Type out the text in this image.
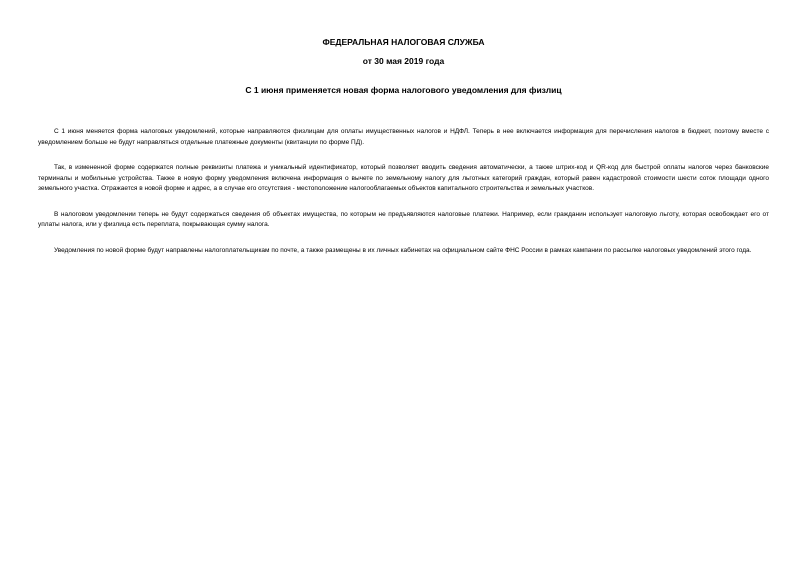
ФЕДЕРАЛЬНАЯ НАЛОГОВАЯ СЛУЖБА
от 30 мая 2019 года
С 1 июня применяется новая форма налогового уведомления для физлиц

С 1 июня меняется форма налоговых уведомлений, которые направляются физлицам для оплаты имущественных налогов и НДФЛ. Теперь в нее включается информация для перечисления налогов в бюджет, поэтому вместе с уведомлением больше не будут направляться отдельные платежные документы (квитанции по форме ПД).

Так, в измененной форме содержатся полные реквизиты платежа и уникальный идентификатор, который позволяет вводить сведения автоматически, а также штрих-код и QR-код для быстрой оплаты налогов через банковские терминалы и мобильные устройства. Также в новую форму уведомления включена информация о вычете по земельному налогу для льготных категорий граждан, который равен кадастровой стоимости шести соток площади одного земельного участка. Отражается в новой форме и адрес, а в случае его отсутствия - местоположение налогооблагаемых объектов капитального строительства и земельных участков.

В налоговом уведомлении теперь не будут содержаться сведения об объектах имущества, по которым не предъявляются налоговые платежи. Например, если гражданин использует налоговую льготу, которая освобождает его от уплаты налога, или у физлица есть переплата, покрывающая сумму налога.

Уведомления по новой форме будут направлены налогоплательщикам по почте, а также размещены в их личных кабинетах на официальном сайте ФНС России в рамках кампании по рассылке налоговых уведомлений этого года.
